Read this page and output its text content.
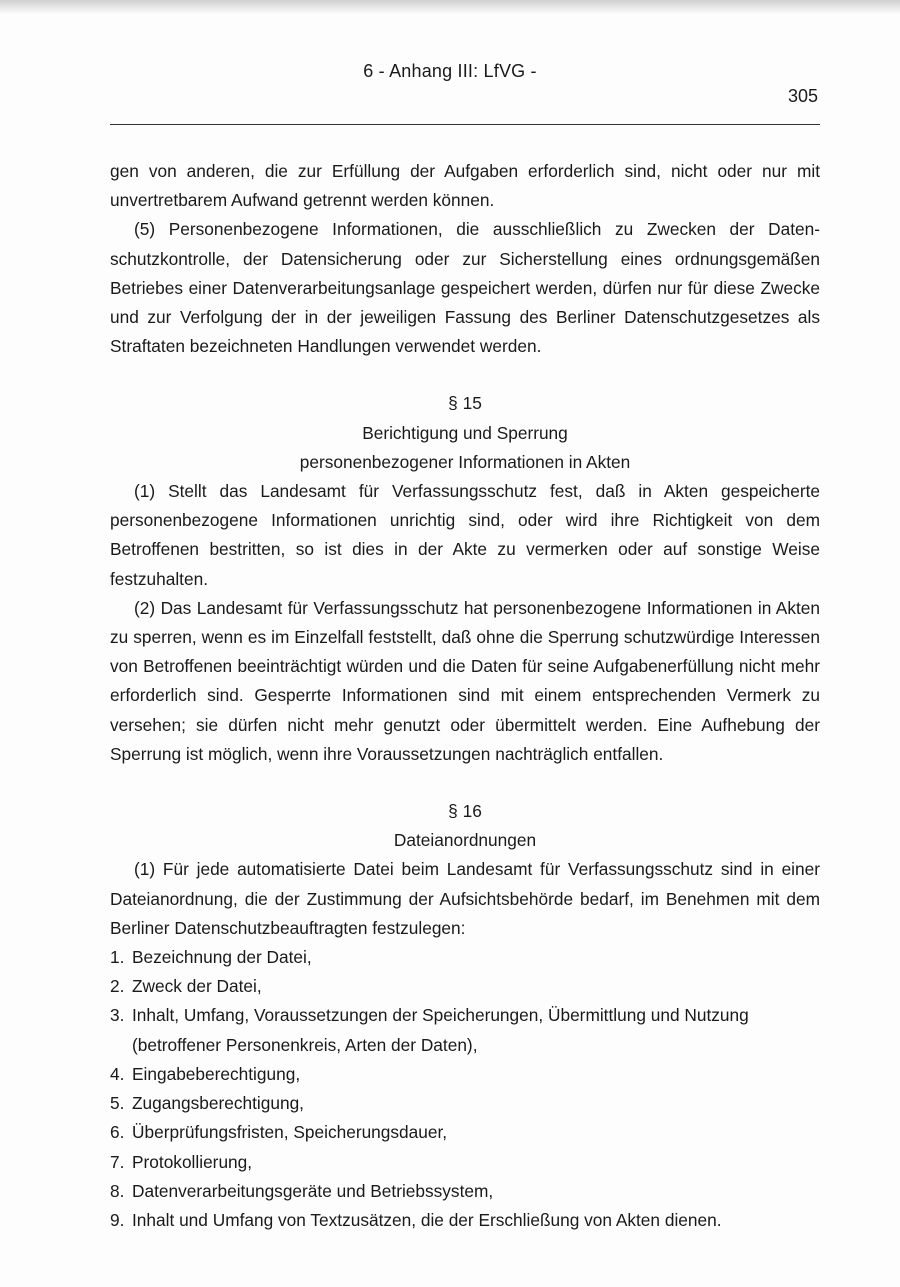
6 - Anhang III: LfVG -
305

gen von anderen, die zur Erfüllung der Aufgaben erforderlich sind, nicht oder nur mit unvertretbarem Aufwand getrennt werden können.

(5) Personenbezogene Informationen, die ausschließlich zu Zwecken der Datenschutzkontrolle, der Datensicherung oder zur Sicherstellung eines ordnungsgemäßen Betriebes einer Datenverarbeitungsanlage gespeichert werden, dürfen nur für diese Zwecke und zur Verfolgung der in der jeweiligen Fassung des Berliner Datenschutzgesetzes als Straftaten bezeichneten Handlungen verwendet werden.

§ 15

Berichtigung und Sperrung

personenbezogener Informationen in Akten

(1) Stellt das Landesamt für Verfassungsschutz fest, daß in Akten gespeicherte personenbezogene Informationen unrichtig sind, oder wird ihre Richtigkeit von dem Betroffenen bestritten, so ist dies in der Akte zu vermerken oder auf sonstige Weise festzuhalten.

(2) Das Landesamt für Verfassungsschutz hat personenbezogene Informationen in Akten zu sperren, wenn es im Einzelfall feststellt, daß ohne die Sperrung schutzwürdige Interessen von Betroffenen beeinträchtigt würden und die Daten für seine Aufgabenerfüllung nicht mehr erforderlich sind. Gesperrte Informationen sind mit einem entsprechenden Vermerk zu versehen; sie dürfen nicht mehr genutzt oder übermittelt werden. Eine Aufhebung der Sperrung ist möglich, wenn ihre Voraussetzungen nachträglich entfallen.

§ 16

Dateianordnungen

(1) Für jede automatisierte Datei beim Landesamt für Verfassungsschutz sind in einer Dateianordnung, die der Zustimmung der Aufsichtsbehörde bedarf, im Benehmen mit dem Berliner Datenschutzbeauftragten festzulegen:

1. Bezeichnung der Datei,
2. Zweck der Datei,
3. Inhalt, Umfang, Voraussetzungen der Speicherungen, Übermittlung und Nutzung (betroffener Personenkreis, Arten der Daten),
4. Eingabeberechtigung,
5. Zugangsberechtigung,
6. Überprüfungsfristen, Speicherungsdauer,
7. Protokollierung,
8. Datenverarbeitungsgeräte und Betriebssystem,
9. Inhalt und Umfang von Textzusätzen, die der Erschließung von Akten dienen.
